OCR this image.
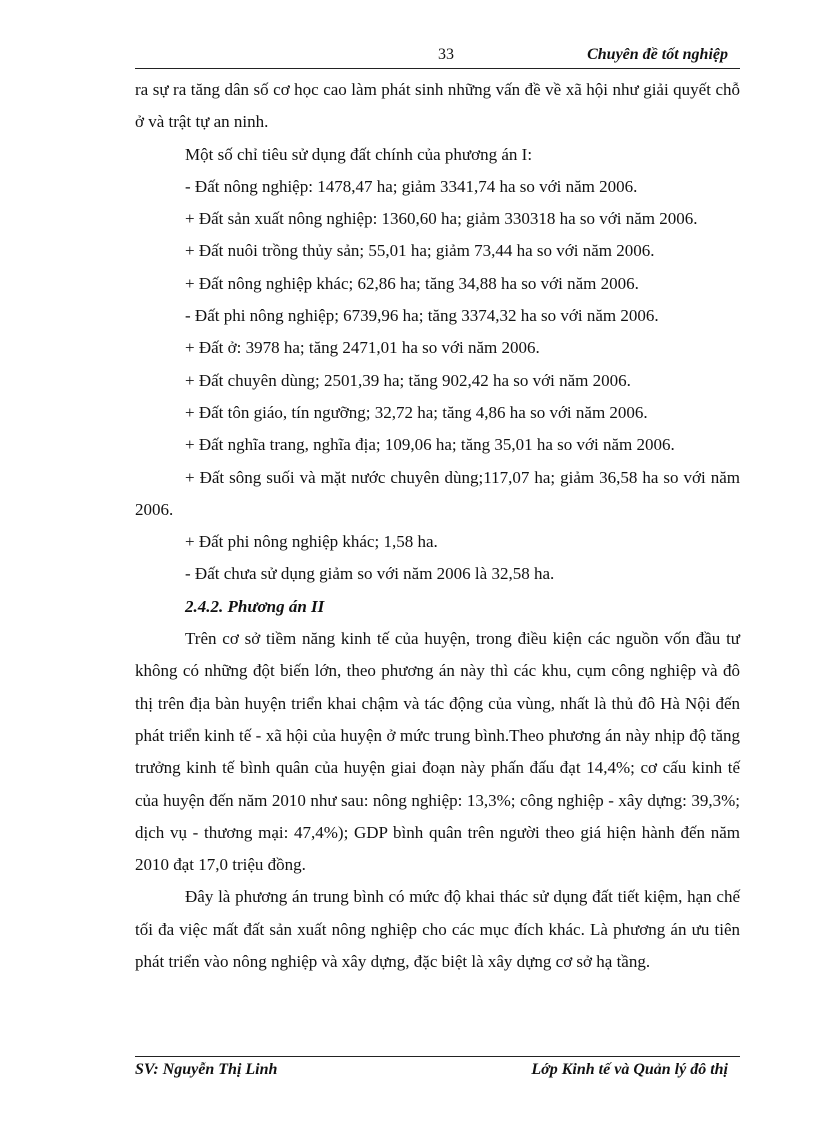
33	Chuyên đề tốt nghiệp

ra sự ra tăng dân số cơ học cao làm phát sinh những vấn đề về xã hội như giải quyết chỗ ở và trật tự an ninh.

Một số chỉ tiêu sử dụng đất chính của phương án I:

- Đất nông nghiệp: 1478,47 ha; giảm 3341,74 ha so với năm 2006.

+ Đất sản xuất nông nghiệp: 1360,60 ha; giảm 330318 ha so với năm 2006.

+ Đất nuôi trồng thủy sản; 55,01 ha; giảm 73,44 ha so với năm 2006.

+ Đất nông nghiệp khác; 62,86 ha; tăng 34,88 ha so với năm 2006.

- Đất phi nông nghiệp; 6739,96 ha; tăng 3374,32 ha so với năm 2006.

+ Đất ở: 3978 ha; tăng 2471,01 ha so với năm 2006.

+ Đất chuyên dùng; 2501,39 ha; tăng 902,42 ha so với năm 2006.

+ Đất tôn giáo, tín ngưỡng; 32,72 ha; tăng 4,86 ha so với năm 2006.

+ Đất nghĩa trang, nghĩa địa; 109,06 ha; tăng 35,01 ha so với năm 2006.

+ Đất sông suối và mặt nước chuyên dùng;117,07 ha; giảm 36,58 ha so với năm 2006.

+ Đất phi nông nghiệp khác; 1,58 ha.

- Đất chưa sử dụng giảm so với năm 2006 là 32,58 ha.

2.4.2. Phương án II

Trên cơ sở tiềm năng kinh tế của huyện, trong điều kiện các nguồn vốn đầu tư không có những đột biến lớn, theo phương án này thì các khu, cụm công nghiệp và đô thị trên địa bàn huyện triển khai chậm và tác động của vùng, nhất là thủ đô Hà Nội đến phát triển kinh tế - xã hội của huyện ở mức trung bình.Theo phương án này nhịp độ tăng trưởng kinh tế bình quân của huyện giai đoạn này phấn đấu đạt 14,4%; cơ cấu kinh tế của huyện đến năm 2010 như sau: nông nghiệp: 13,3%; công nghiệp - xây dựng: 39,3%; dịch vụ - thương mại: 47,4%); GDP bình quân trên người theo giá hiện hành đến năm 2010 đạt 17,0 triệu đồng.

Đây là phương án trung bình có mức độ khai thác sử dụng đất tiết kiệm, hạn chế tối đa việc mất đất sản xuất nông nghiệp cho các mục đích khác. Là phương án ưu tiên phát triển vào nông nghiệp và xây dựng, đặc biệt là xây dựng cơ sở hạ tầng.

SV: Nguyễn Thị Linh	Lớp Kinh tế và Quản lý đô thị
